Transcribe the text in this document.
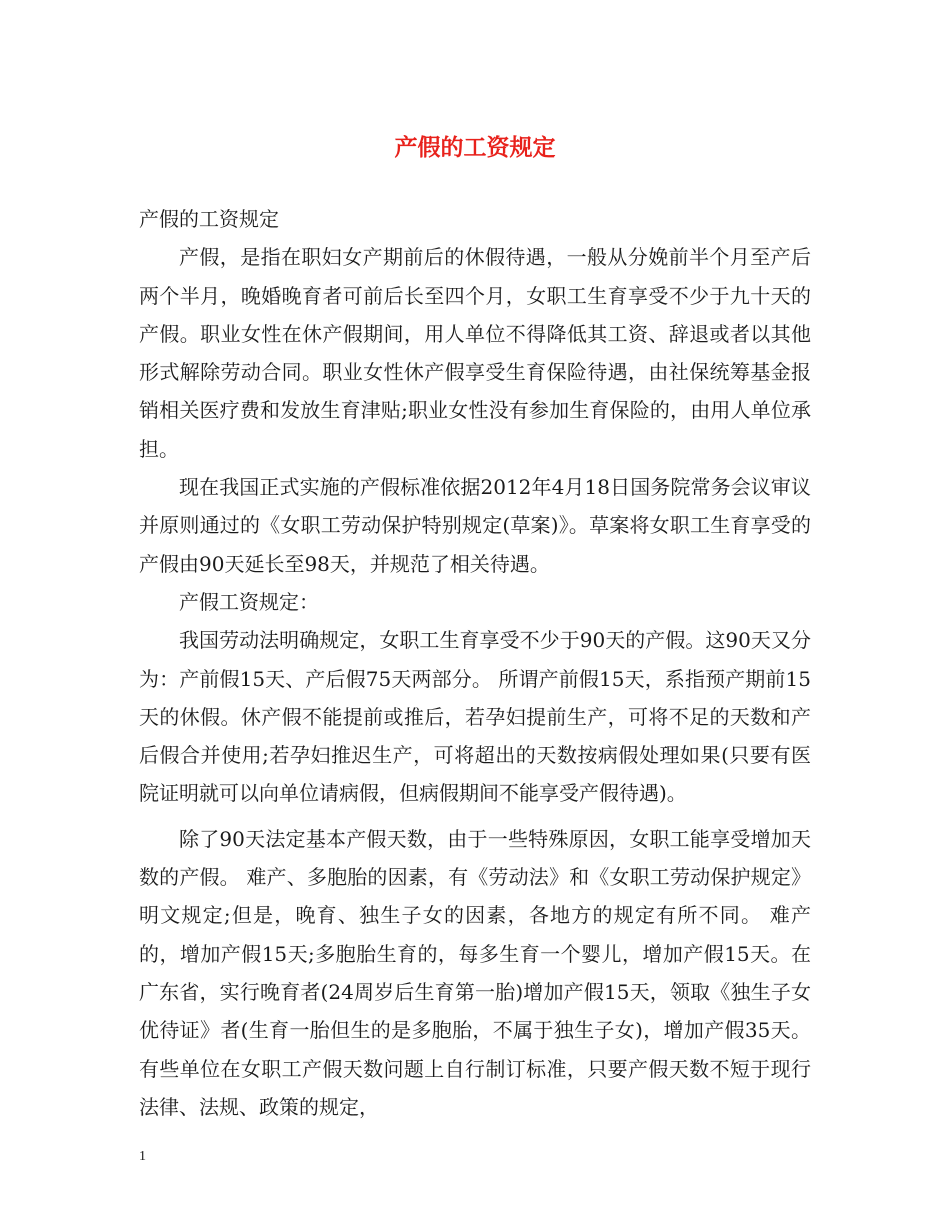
产假的工资规定

产假的工资规定

产假，是指在职妇女产期前后的休假待遇，一般从分娩前半个月至产后两个半月，晚婚晚育者可前后长至四个月，女职工生育享受不少于九十天的产假。职业女性在休产假期间，用人单位不得降低其工资、辞退或者以其他形式解除劳动合同。职业女性休产假享受生育保险待遇，由社保统筹基金报销相关医疗费和发放生育津贴;职业女性没有参加生育保险的，由用人单位承担。

现在我国正式实施的产假标准依据2012年4月18日国务院常务会议审议并原则通过的《女职工劳动保护特别规定(草案)》。草案将女职工生育享受的产假由90天延长至98天，并规范了相关待遇。

产假工资规定：

我国劳动法明确规定，女职工生育享受不少于90天的产假。这90天又分为：产前假15天、产后假75天两部分。 所谓产前假15天，系指预产期前15天的休假。休产假不能提前或推后，若孕妇提前生产，可将不足的天数和产后假合并使用;若孕妇推迟生产，可将超出的天数按病假处理如果(只要有医院证明就可以向单位请病假，但病假期间不能享受产假待遇)。

除了90天法定基本产假天数，由于一些特殊原因，女职工能享受增加天数的产假。 难产、多胞胎的因素，有《劳动法》和《女职工劳动保护规定》明文规定;但是，晚育、独生子女的因素，各地方的规定有所不同。 难产的，增加产假15天;多胞胎生育的，每多生育一个婴儿，增加产假15天。在广东省，实行晚育者(24周岁后生育第一胎)增加产假15天，领取《独生子女优待证》者(生育一胎但生的是多胞胎，不属于独生子女)，增加产假35天。 有些单位在女职工产假天数问题上自行制订标准，只要产假天数不短于现行法律、法规、政策的规定，

1
